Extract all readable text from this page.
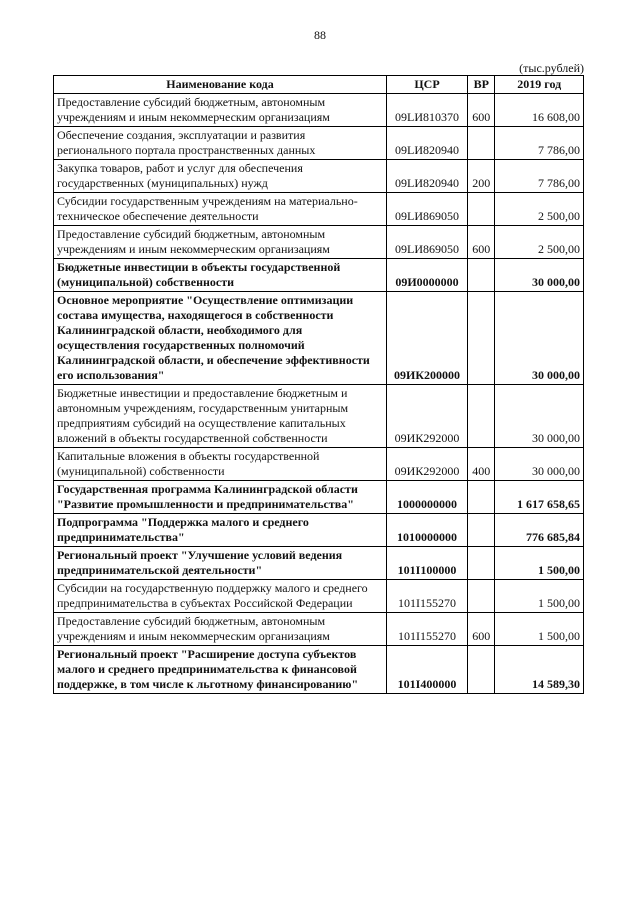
88
(тыс.рублей)
Наименование кода	ЦСР	ВР	2019 год
Предоставление субсидий бюджетным, автономным учреждениям и иным некоммерческим организациям	09LИ810370	600	16 608,00
Обеспечение создания, эксплуатации и развития регионального портала пространственных данных	09LИ820940		7 786,00
Закупка товаров, работ и услуг для обеспечения государственных (муниципальных) нужд	09LИ820940	200	7 786,00
Субсидии государственным учреждениям на материально-техническое обеспечение деятельности	09LИ869050		2 500,00
Предоставление субсидий бюджетным, автономным учреждениям и иным некоммерческим организациям	09LИ869050	600	2 500,00
Бюджетные инвестиции в объекты государственной (муниципальной) собственности	09И0000000		30 000,00
Основное мероприятие "Осуществление оптимизации состава имущества, находящегося в собственности Калининградской области, необходимого для осуществления государственных полномочий Калининградской области, и обеспечение эффективности его использования"	09ИК200000		30 000,00
Бюджетные инвестиции и предоставление бюджетным и автономным учреждениям, государственным унитарным предприятиям субсидий на осуществление капитальных вложений в объекты государственной собственности	09ИК292000		30 000,00
Капитальные вложения в объекты государственной (муниципальной) собственности	09ИК292000	400	30 000,00
Государственная программа Калининградской области "Развитие промышленности и предпринимательства"	1000000000		1 617 658,65
Подпрограмма "Поддержка малого и среднего предпринимательства"	1010000000		776 685,84
Региональный проект "Улучшение условий ведения предпринимательской деятельности"	101I100000		1 500,00
Субсидии на государственную поддержку малого и среднего предпринимательства в субъектах Российской Федерации	101I155270		1 500,00
Предоставление субсидий бюджетным, автономным учреждениям и иным некоммерческим организациям	101I155270	600	1 500,00
Региональный проект "Расширение доступа субъектов малого и среднего предпринимательства к финансовой поддержке, в том числе к льготному финансированию"	101I400000		14 589,30
